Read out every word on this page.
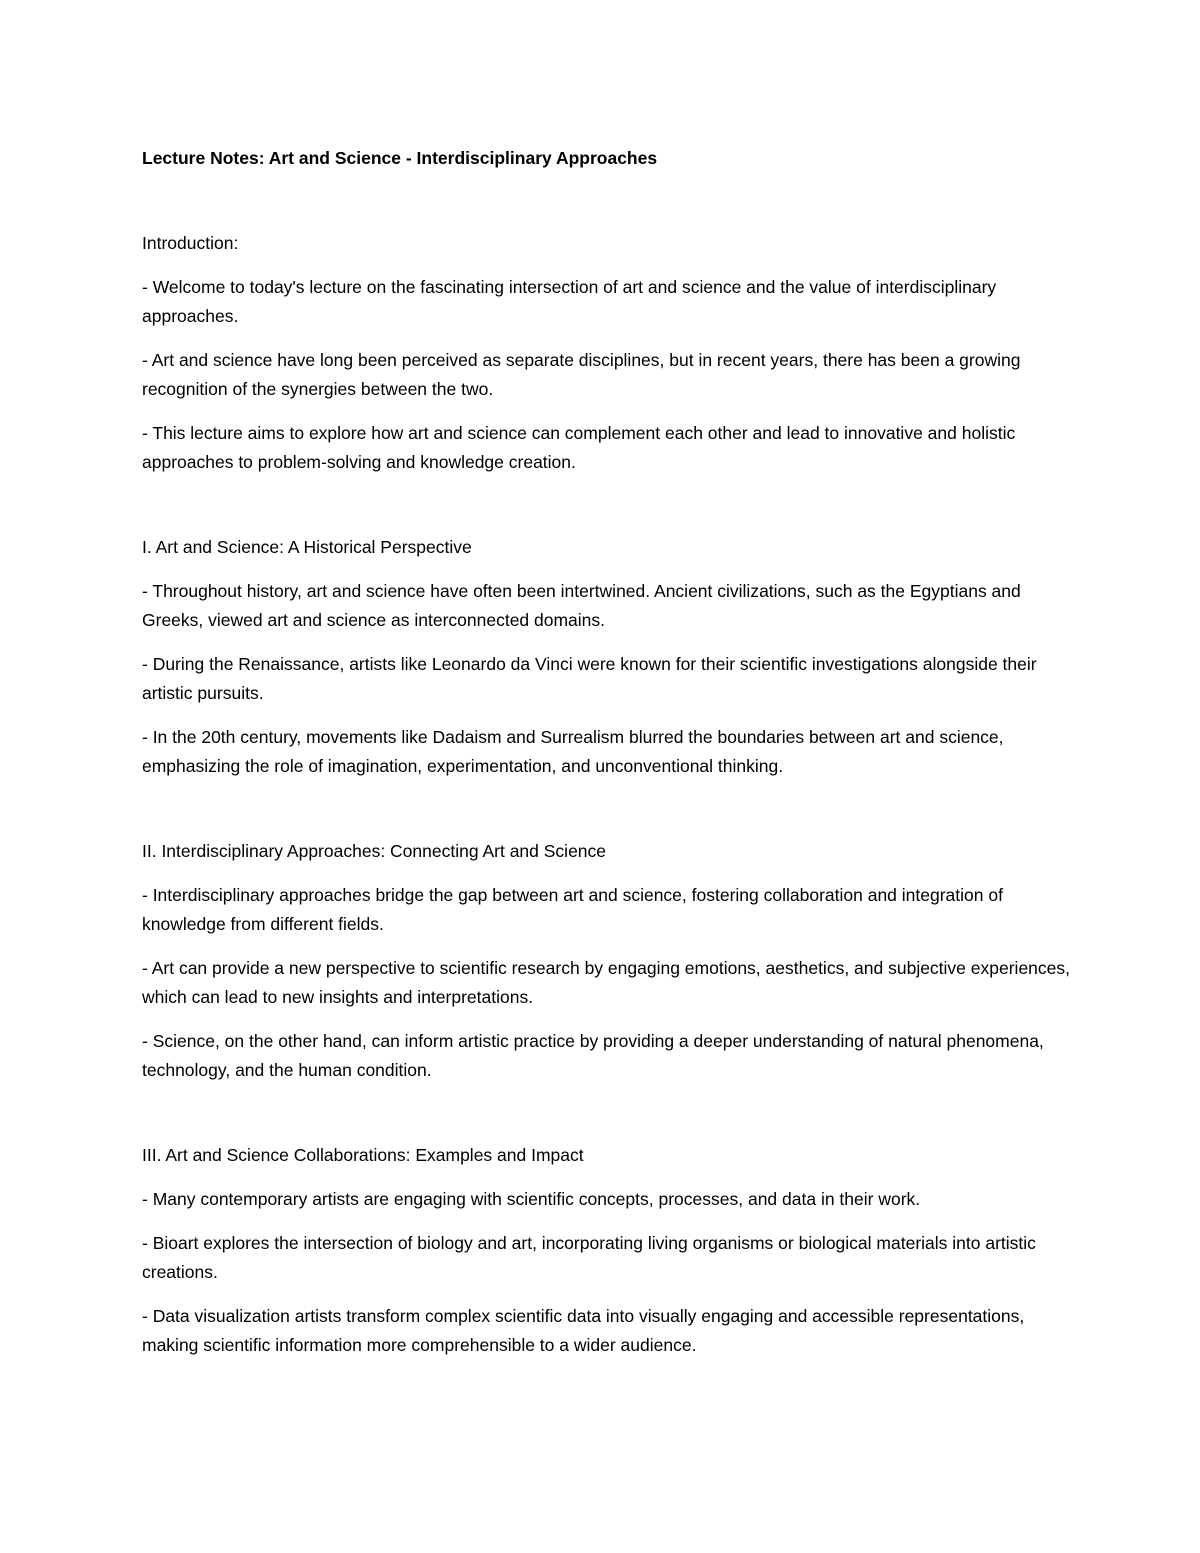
Lecture Notes: Art and Science - Interdisciplinary Approaches

Introduction:

- Welcome to today's lecture on the fascinating intersection of art and science and the value of interdisciplinary approaches.

- Art and science have long been perceived as separate disciplines, but in recent years, there has been a growing recognition of the synergies between the two.

- This lecture aims to explore how art and science can complement each other and lead to innovative and holistic approaches to problem-solving and knowledge creation.

I. Art and Science: A Historical Perspective

- Throughout history, art and science have often been intertwined. Ancient civilizations, such as the Egyptians and Greeks, viewed art and science as interconnected domains.

- During the Renaissance, artists like Leonardo da Vinci were known for their scientific investigations alongside their artistic pursuits.

- In the 20th century, movements like Dadaism and Surrealism blurred the boundaries between art and science, emphasizing the role of imagination, experimentation, and unconventional thinking.

II. Interdisciplinary Approaches: Connecting Art and Science

- Interdisciplinary approaches bridge the gap between art and science, fostering collaboration and integration of knowledge from different fields.

- Art can provide a new perspective to scientific research by engaging emotions, aesthetics, and subjective experiences, which can lead to new insights and interpretations.

- Science, on the other hand, can inform artistic practice by providing a deeper understanding of natural phenomena, technology, and the human condition.

III. Art and Science Collaborations: Examples and Impact

- Many contemporary artists are engaging with scientific concepts, processes, and data in their work.

- Bioart explores the intersection of biology and art, incorporating living organisms or biological materials into artistic creations.

- Data visualization artists transform complex scientific data into visually engaging and accessible representations, making scientific information more comprehensible to a wider audience.
